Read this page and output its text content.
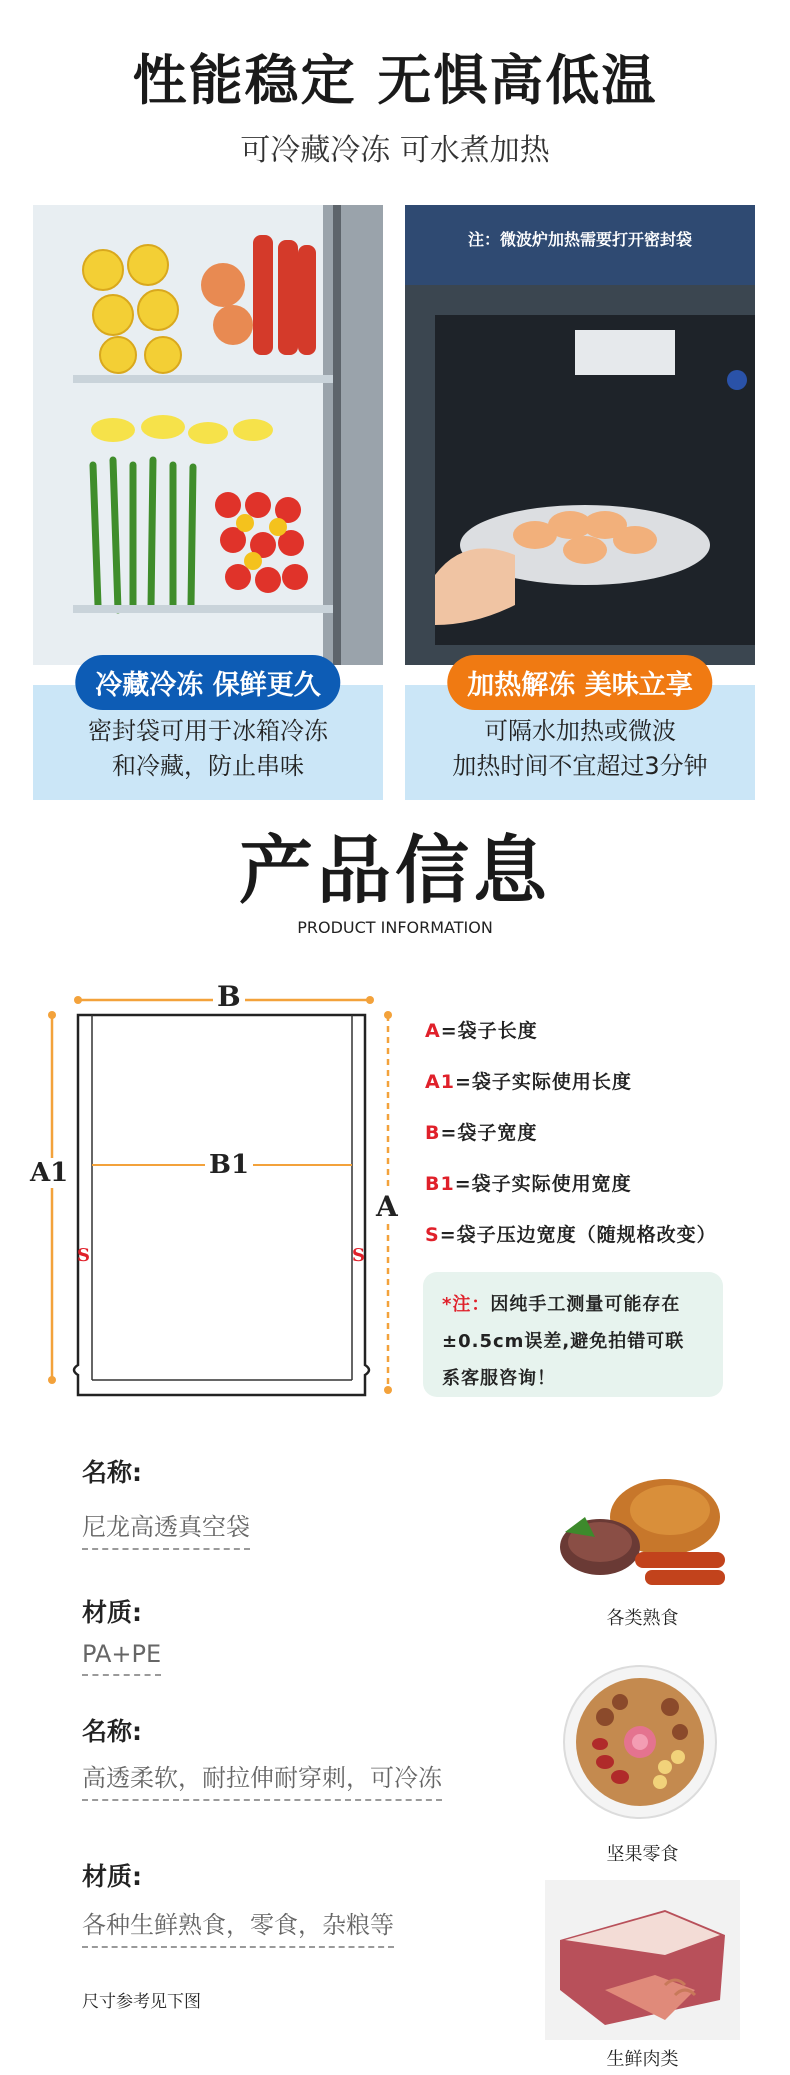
性能稳定 无惧高低温
可冷藏冷冻 可水煮加热
冷藏冷冻 保鲜更久
密封袋可用于冰箱冷冻
和冷藏，防止串味
注：微波炉加热需要打开密封袋
加热解冻 美味立享
可隔水加热或微波
加热时间不宜超过3分钟
产品信息
PRODUCT INFORMATION
B
B1
A1
A
S	S
A=袋子长度
A1=袋子实际使用长度
B=袋子宽度
B1=袋子实际使用宽度
S=袋子压边宽度（随规格改变）
*注：因纯手工测量可能存在
±0.5cm误差,避免拍错可联
系客服咨询！
名称:
尼龙高透真空袋
材质:
PA+PE
名称:
高透柔软，耐拉伸耐穿刺，可冷冻
材质:
各种生鲜熟食，零食，杂粮等
尺寸参考见下图
各类熟食
坚果零食
生鲜肉类
